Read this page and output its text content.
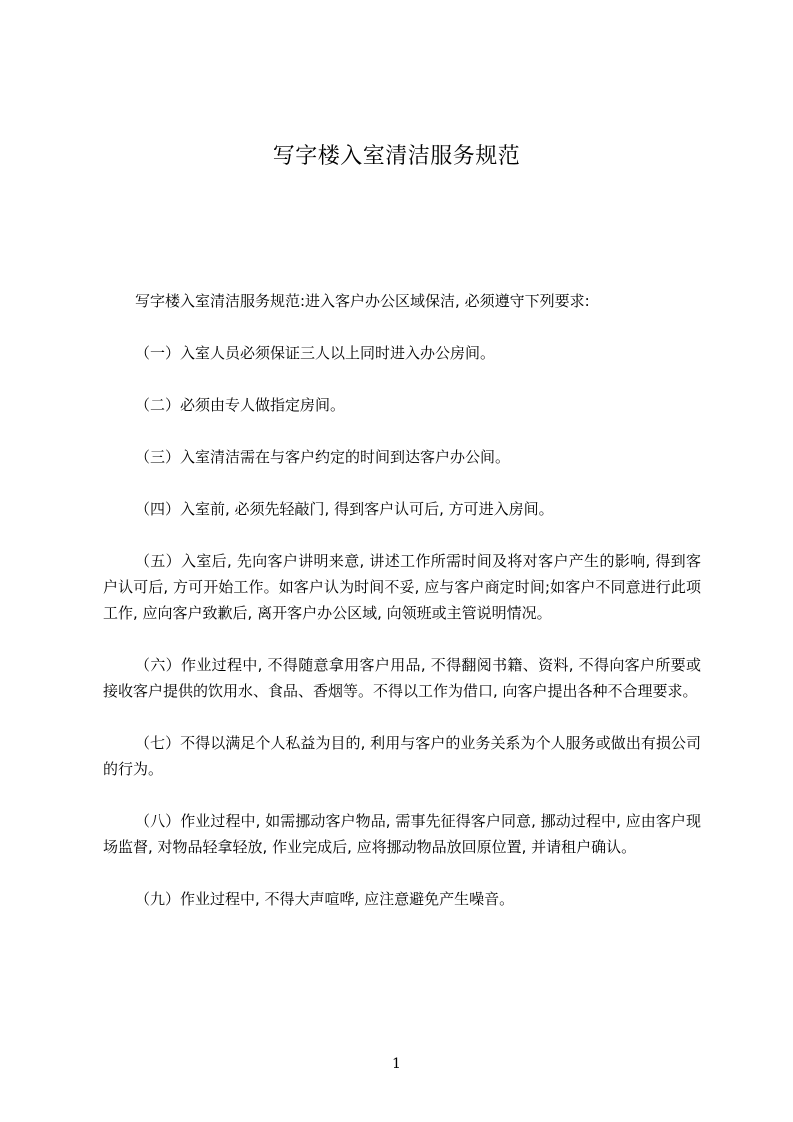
写字楼入室清洁服务规范

写字楼入室清洁服务规范:进入客户办公区域保洁, 必须遵守下列要求:

（一）入室人员必须保证三人以上同时进入办公房间。

（二）必须由专人做指定房间。

（三）入室清洁需在与客户约定的时间到达客户办公间。

（四）入室前, 必须先轻敲门, 得到客户认可后, 方可进入房间。

（五）入室后, 先向客户讲明来意, 讲述工作所需时间及将对客户产生的影响, 得到客户认可后, 方可开始工作。如客户认为时间不妥, 应与客户商定时间;如客户不同意进行此项工作, 应向客户致歉后, 离开客户办公区域, 向领班或主管说明情况。

（六）作业过程中, 不得随意拿用客户用品, 不得翻阅书籍、资料, 不得向客户所要或接收客户提供的饮用水、食品、香烟等。不得以工作为借口, 向客户提出各种不合理要求。

（七）不得以满足个人私益为目的, 利用与客户的业务关系为个人服务或做出有损公司的行为。

（八）作业过程中, 如需挪动客户物品, 需事先征得客户同意, 挪动过程中, 应由客户现场监督, 对物品轻拿轻放, 作业完成后, 应将挪动物品放回原位置, 并请租户确认。

（九）作业过程中, 不得大声喧哗, 应注意避免产生噪音。

1
